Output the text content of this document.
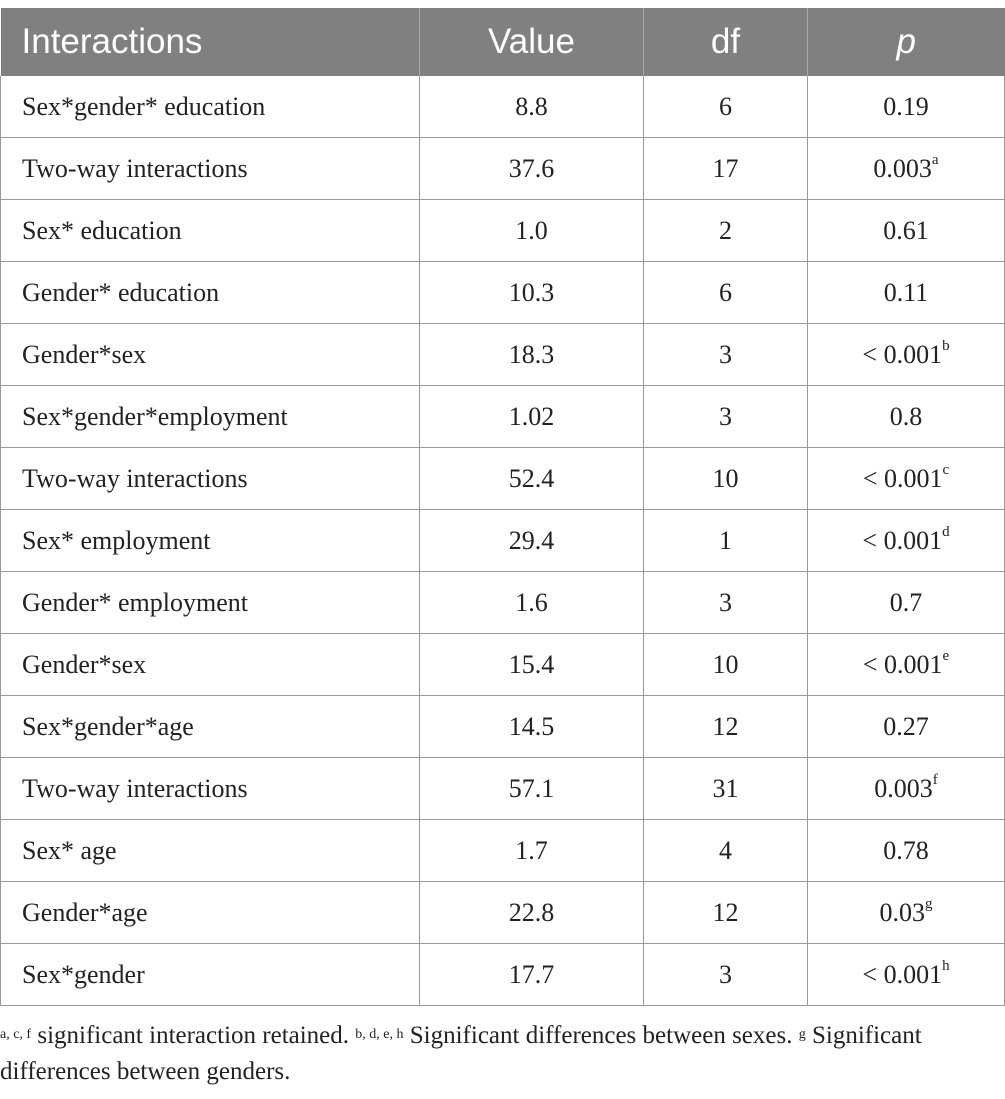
Interactions	Value	df	p
Sex*gender* education	8.8	6	0.19
Two-way interactions	37.6	17	0.003$^a$
Sex* education	1.0	2	0.61
Gender* education	10.3	6	0.11
Gender*sex	18.3	3	< 0.001$^b$
Sex*gender*employment	1.02	3	0.8
Two-way interactions	52.4	10	< 0.001$^c$
Sex* employment	29.4	1	< 0.001$^d$
Gender* employment	1.6	3	0.7
Gender*sex	15.4	10	< 0.001$^e$
Sex*gender*age	14.5	12	0.27
Two-way interactions	57.1	31	0.003$^f$
Sex* age	1.7	4	0.78
Gender*age	22.8	12	0.03$^g$
Sex*gender	17.7	3	< 0.001$^h$
$^{a, c, f}$ significant interaction retained. $^{b, d, e, h}$ Significant differences between sexes. $^g$ Significant differences between genders.
